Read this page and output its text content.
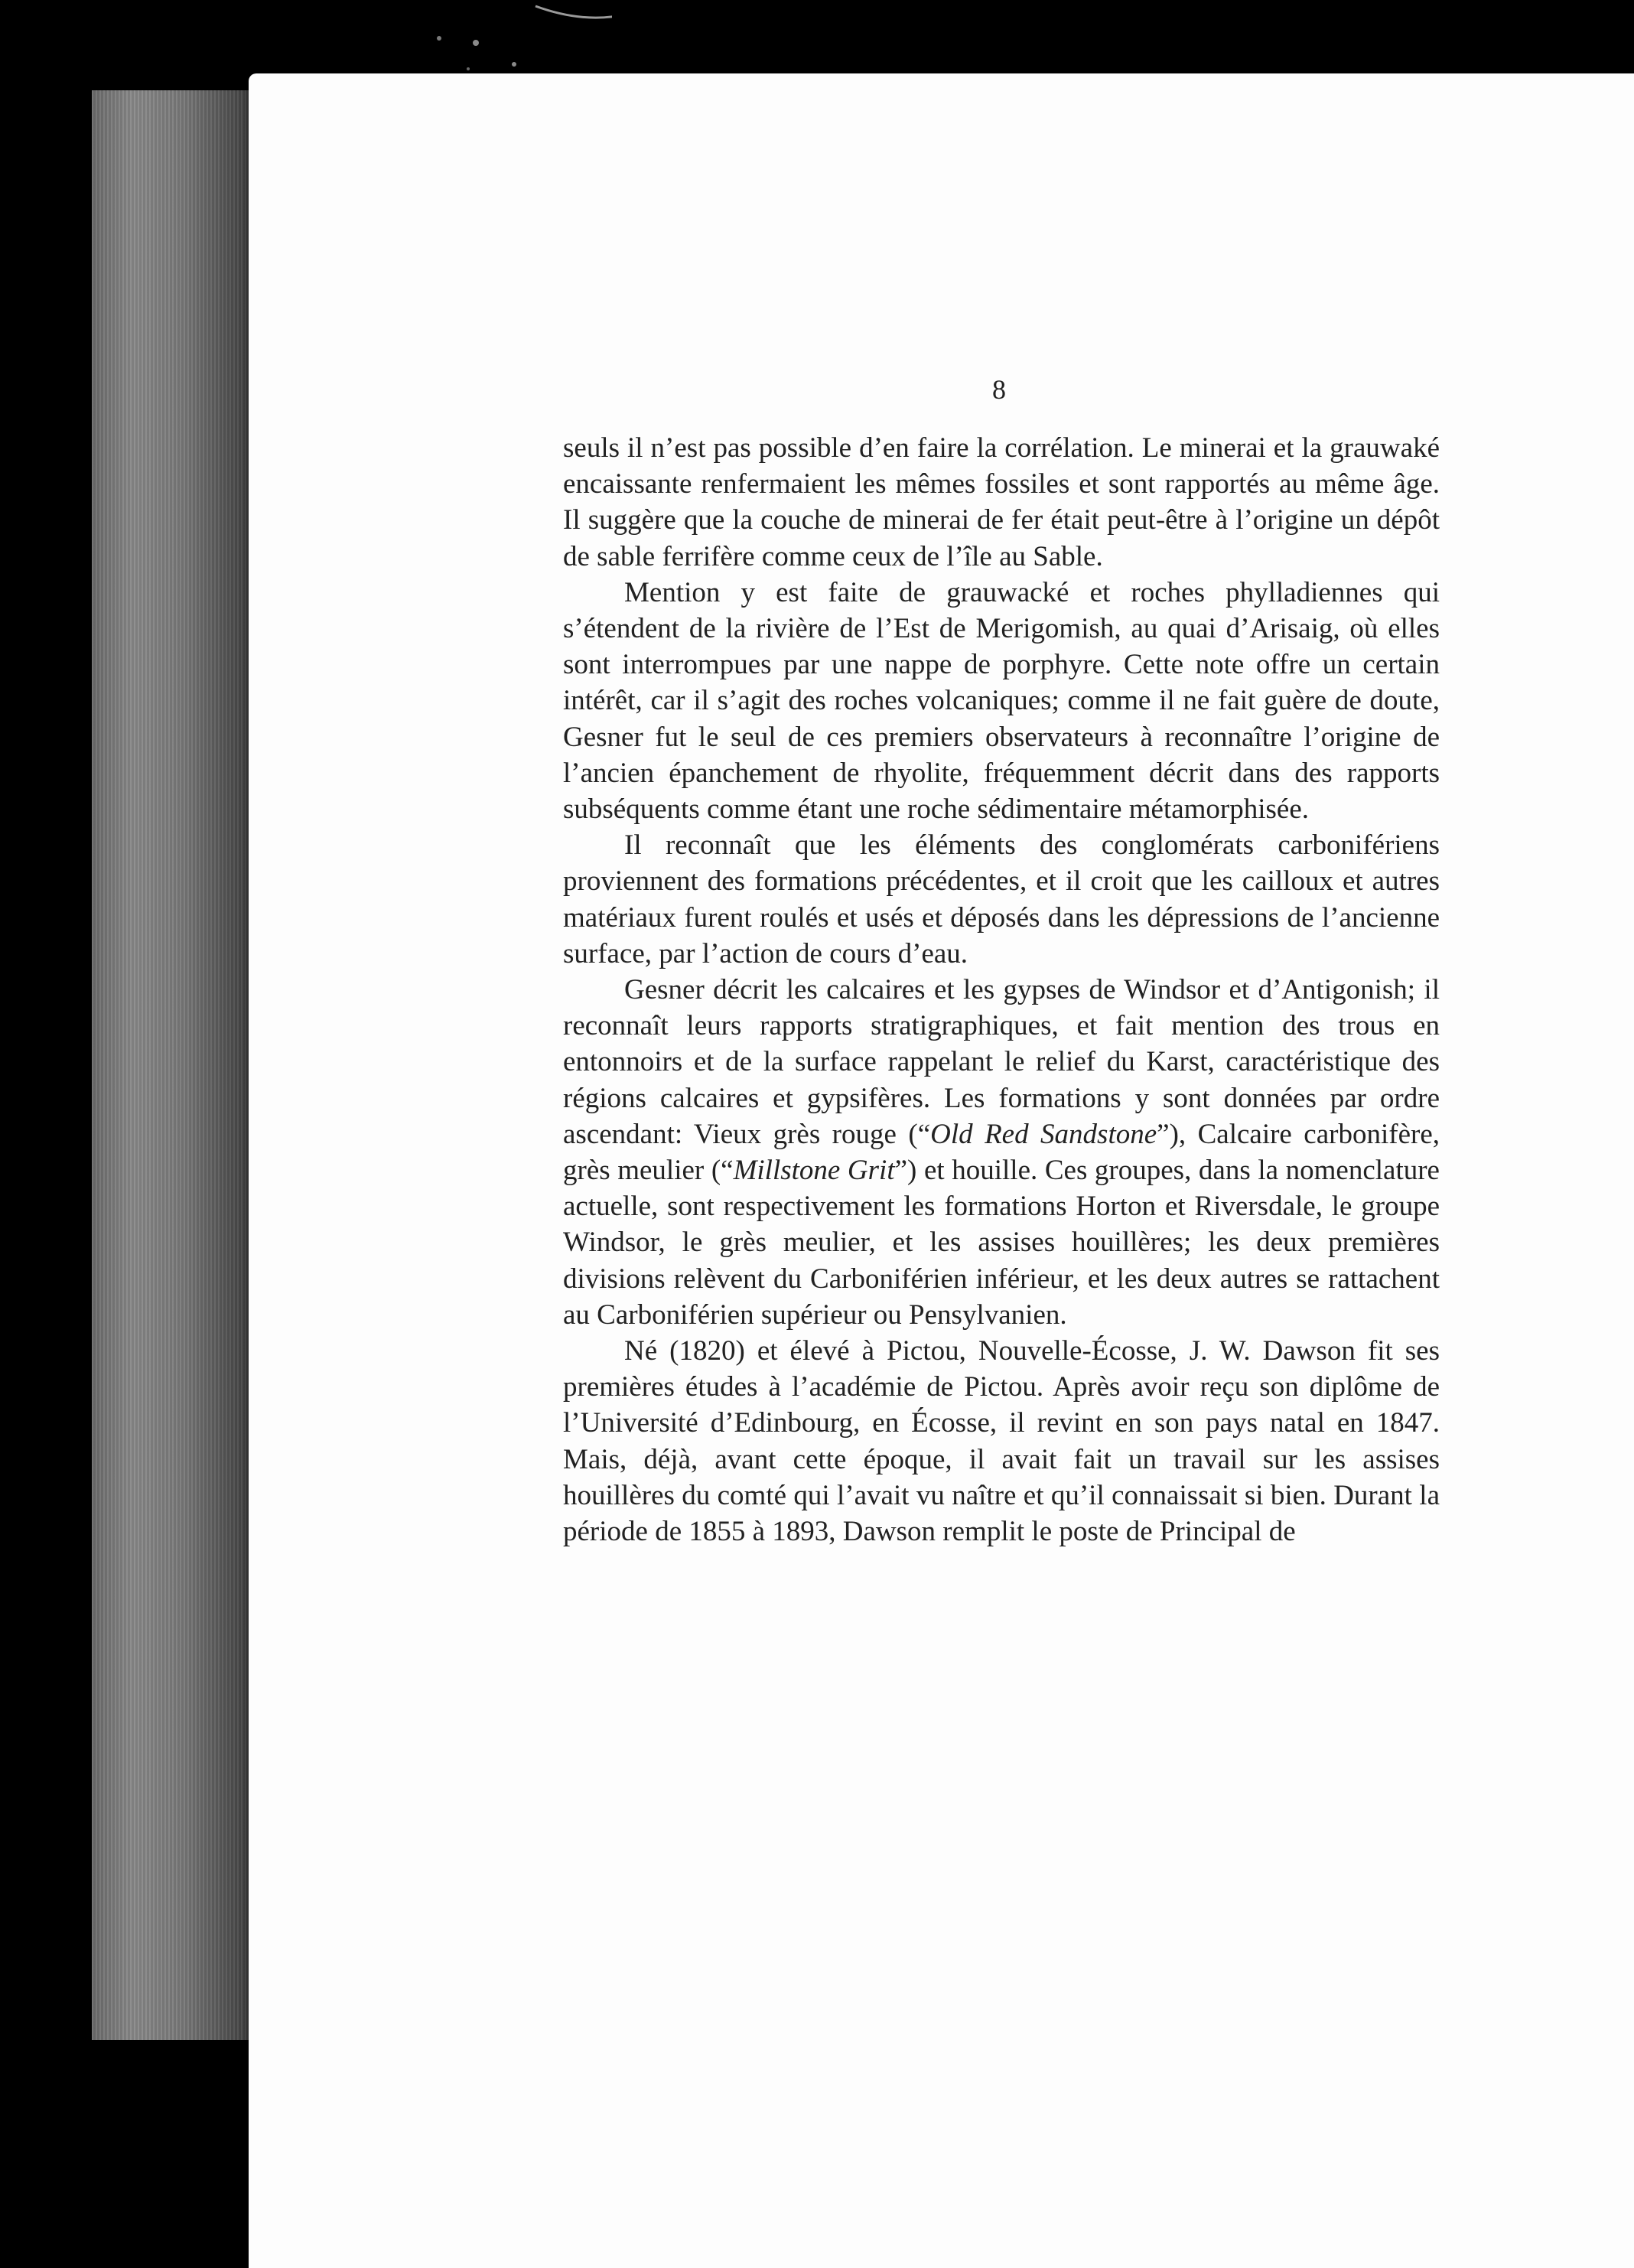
8

seuls il n’est pas possible d’en faire la corrélation. Le minerai et la grauwaké encaissante renfermaient les mêmes fossiles et sont rapportés au même âge. Il suggère que la couche de minerai de fer était peut-être à l’origine un dépôt de sable ferrifère comme ceux de l’île au Sable.

Mention y est faite de grauwacké et roches phylladiennes qui s’étendent de la rivière de l’Est de Merigomish, au quai d’Arisaig, où elles sont interrompues par une nappe de porphyre. Cette note offre un certain intérêt, car il s’agit des roches volcaniques; comme il ne fait guère de doute, Gesner fut le seul de ces premiers observateurs à reconnaître l’origine de l’ancien épanchement de rhyolite, fréquemment décrit dans des rapports subséquents comme étant une roche sédimentaire métamorphisée.

Il reconnaît que les éléments des conglomérats carbonifériens proviennent des formations précédentes, et il croit que les cailloux et autres matériaux furent roulés et usés et déposés dans les dépressions de l’ancienne surface, par l’action de cours d’eau.

Gesner décrit les calcaires et les gypses de Windsor et d’Antigonish; il reconnaît leurs rapports stratigraphiques, et fait mention des trous en entonnoirs et de la surface rappelant le relief du Karst, caractéristique des régions calcaires et gypsifères. Les formations y sont données par ordre ascendant: Vieux grès rouge (“Old Red Sandstone”), Calcaire carbonifère, grès meulier (“Millstone Grit”) et houille. Ces groupes, dans la nomenclature actuelle, sont respectivement les formations Horton et Riversdale, le groupe Windsor, le grès meulier, et les assises houillères; les deux premières divisions relèvent du Carboniférien inférieur, et les deux autres se rattachent au Carboniférien supérieur ou Pensylvanien.

Né (1820) et élevé à Pictou, Nouvelle-Écosse, J. W. Dawson fit ses premières études à l’académie de Pictou. Après avoir reçu son diplôme de l’Université d’Edinbourg, en Écosse, il revint en son pays natal en 1847. Mais, déjà, avant cette époque, il avait fait un travail sur les assises houillères du comté qui l’avait vu naître et qu’il connaissait si bien. Durant la période de 1855 à 1893, Dawson remplit le poste de Principal de
